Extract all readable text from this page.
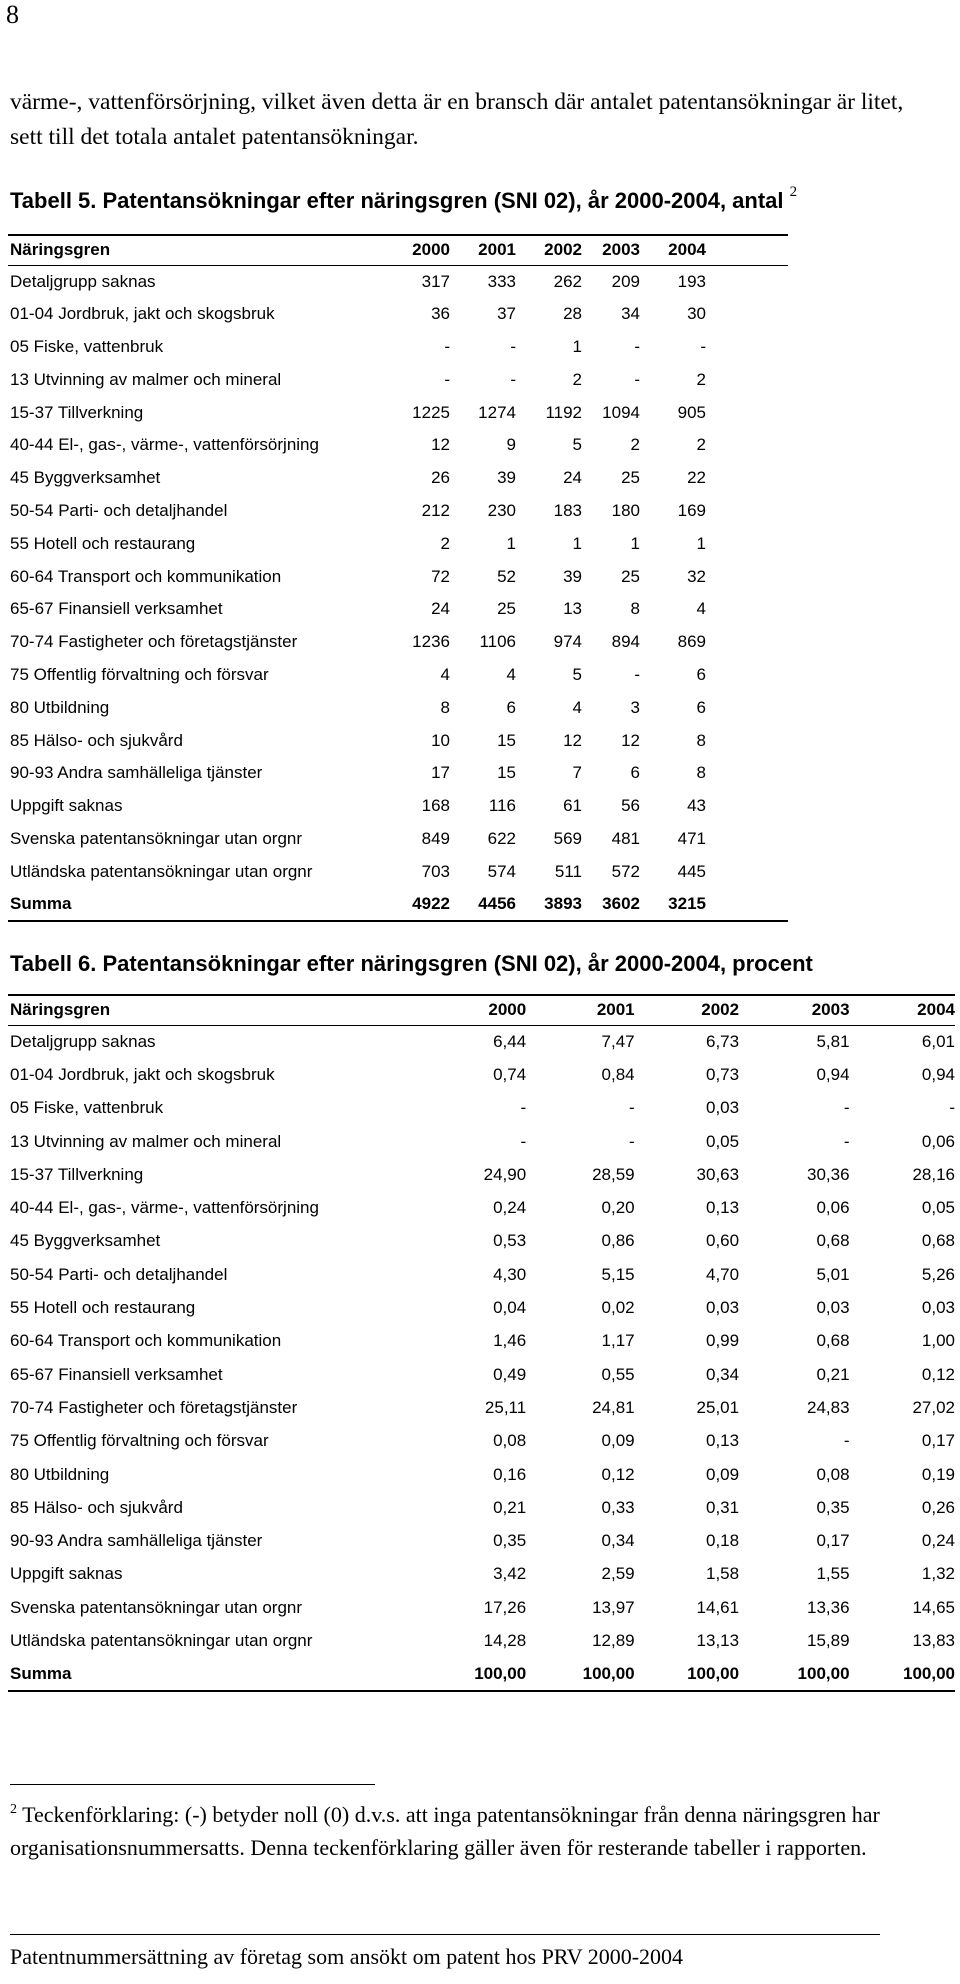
8

värme-, vattenförsörjning, vilket även detta är en bransch där antalet patentansökningar är litet, sett till det totala antalet patentansökningar.

Tabell 5. Patentansökningar efter näringsgren (SNI 02), år 2000-2004, antal $^2$
Näringsgren	2000	2001	2002	2003	2004	
Detaljgrupp saknas	317	333	262	209	193	
01-04 Jordbruk, jakt och skogsbruk	36	37	28	34	30	
05 Fiske, vattenbruk	-	-	1	-	-	
13 Utvinning av malmer och mineral	-	-	2	-	2	
15-37 Tillverkning	1225	1274	1192	1094	905	
40-44 El-, gas-, värme-, vattenförsörjning	12	9	5	2	2	
45 Byggverksamhet	26	39	24	25	22	
50-54 Parti- och detaljhandel	212	230	183	180	169	
55 Hotell och restaurang	2	1	1	1	1	
60-64 Transport och kommunikation	72	52	39	25	32	
65-67 Finansiell verksamhet	24	25	13	8	4	
70-74 Fastigheter och företagstjänster	1236	1106	974	894	869	
75 Offentlig förvaltning och försvar	4	4	5	-	6	
80 Utbildning	8	6	4	3	6	
85 Hälso- och sjukvård	10	15	12	12	8	
90-93 Andra samhälleliga tjänster	17	15	7	6	8	
Uppgift saknas	168	116	61	56	43	
Svenska patentansökningar utan orgnr	849	622	569	481	471	
Utländska patentansökningar utan orgnr	703	574	511	572	445	
Summa	4922	4456	3893	3602	3215	
Tabell 6. Patentansökningar efter näringsgren (SNI 02), år 2000-2004, procent
Näringsgren	2000	2001	2002	2003	2004
Detaljgrupp saknas	6,44	7,47	6,73	5,81	6,01
01-04 Jordbruk, jakt och skogsbruk	0,74	0,84	0,73	0,94	0,94
05 Fiske, vattenbruk	-	-	0,03	-	-
13 Utvinning av malmer och mineral	-	-	0,05	-	0,06
15-37 Tillverkning	24,90	28,59	30,63	30,36	28,16
40-44 El-, gas-, värme-, vattenförsörjning	0,24	0,20	0,13	0,06	0,05
45 Byggverksamhet	0,53	0,86	0,60	0,68	0,68
50-54 Parti- och detaljhandel	4,30	5,15	4,70	5,01	5,26
55 Hotell och restaurang	0,04	0,02	0,03	0,03	0,03
60-64 Transport och kommunikation	1,46	1,17	0,99	0,68	1,00
65-67 Finansiell verksamhet	0,49	0,55	0,34	0,21	0,12
70-74 Fastigheter och företagstjänster	25,11	24,81	25,01	24,83	27,02
75 Offentlig förvaltning och försvar	0,08	0,09	0,13	-	0,17
80 Utbildning	0,16	0,12	0,09	0,08	0,19
85 Hälso- och sjukvård	0,21	0,33	0,31	0,35	0,26
90-93 Andra samhälleliga tjänster	0,35	0,34	0,18	0,17	0,24
Uppgift saknas	3,42	2,59	1,58	1,55	1,32
Svenska patentansökningar utan orgnr	17,26	13,97	14,61	13,36	14,65
Utländska patentansökningar utan orgnr	14,28	12,89	13,13	15,89	13,83
Summa	100,00	100,00	100,00	100,00	100,00
$^2$ Teckenförklaring: (-) betyder noll (0) d.v.s. att inga patentansökningar från denna näringsgren har organisationsnummersatts. Denna teckenförklaring gäller även för resterande tabeller i rapporten.
Patentnummersättning av företag som ansökt om patent hos PRV 2000-2004
